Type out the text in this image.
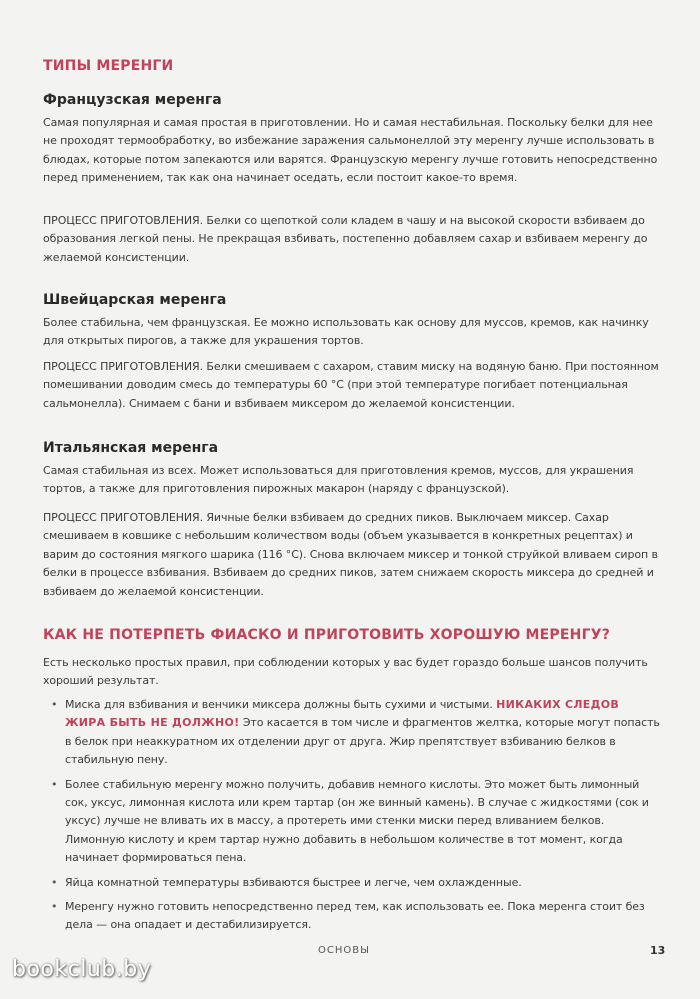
ТИПЫ МЕРЕНГИ
Французская меренга

Самая популярная и самая простая в приготовлении. Но и самая нестабильная. Поскольку белки для нее не проходят термообработку, во избежание заражения сальмонеллой эту меренгу лучше использовать в блюдах, которые потом запекаются или варятся. Французскую меренгу лучше готовить непосредственно перед применением, так как она начинает оседать, если постоит какое-то время.

ПРОЦЕСС ПРИГОТОВЛЕНИЯ. Белки со щепоткой соли кладем в чашу и на высокой скорости взбиваем до образования легкой пены. Не прекращая взбивать, постепенно добавляем сахар и взбиваем меренгу до желаемой консистенции.

Швейцарская меренга

Более стабильна, чем французская. Ее можно использовать как основу для муссов, кремов, как начинку для открытых пирогов, а также для украшения тортов.

ПРОЦЕСС ПРИГОТОВЛЕНИЯ. Белки смешиваем с сахаром, ставим миску на водяную баню. При постоянном помешивании доводим смесь до температуры 60 °С (при этой температуре погибает потенциальная сальмонелла). Снимаем с бани и взбиваем миксером до желаемой консистенции.

Итальянская меренга

Самая стабильная из всех. Может использоваться для приготовления кремов, муссов, для украшения тортов, а также для приготовления пирожных макарон (наряду с французской).

ПРОЦЕСС ПРИГОТОВЛЕНИЯ. Яичные белки взбиваем до средних пиков. Выключаем миксер. Сахар смешиваем в ковшике с небольшим количеством воды (объем указывается в конкретных рецептах) и варим до состояния мягкого шарика (116 °С). Снова включаем миксер и тонкой струйкой вливаем сироп в белки в процессе взбивания. Взбиваем до средних пиков, затем снижаем скорость миксера до средней и взбиваем до желаемой консистенции.

КАК НЕ ПОТЕРПЕТЬ ФИАСКО И ПРИГОТОВИТЬ ХОРОШУЮ МЕРЕНГУ?

Есть несколько простых правил, при соблюдении которых у вас будет гораздо больше шансов получить хороший результат.

• Миска для взбивания и венчики миксера должны быть сухими и чистыми. НИКАКИХ СЛЕДОВ ЖИРА БЫТЬ НЕ ДОЛЖНО! Это касается в том числе и фрагментов желтка, которые могут попасть в белок при неаккуратном их отделении друг от друга. Жир препятствует взбиванию белков в стабильную пену.
• Более стабильную меренгу можно получить, добавив немного кислоты. Это может быть лимонный сок, уксус, лимонная кислота или крем тартар (он же винный камень). В случае с жидкостями (сок и уксус) лучше не вливать их в массу, а протереть ими стенки миски перед вливанием белков. Лимонную кислоту и крем тартар нужно добавить в небольшом количестве в тот момент, когда начинает формироваться пена.
• Яйца комнатной температуры взбиваются быстрее и легче, чем охлажденные.
• Меренгу нужно готовить непосредственно перед тем, как использовать ее. Пока меренга стоит без дела — она опадает и дестабилизируется.
ОСНОВЫ	13
bookclub.by
